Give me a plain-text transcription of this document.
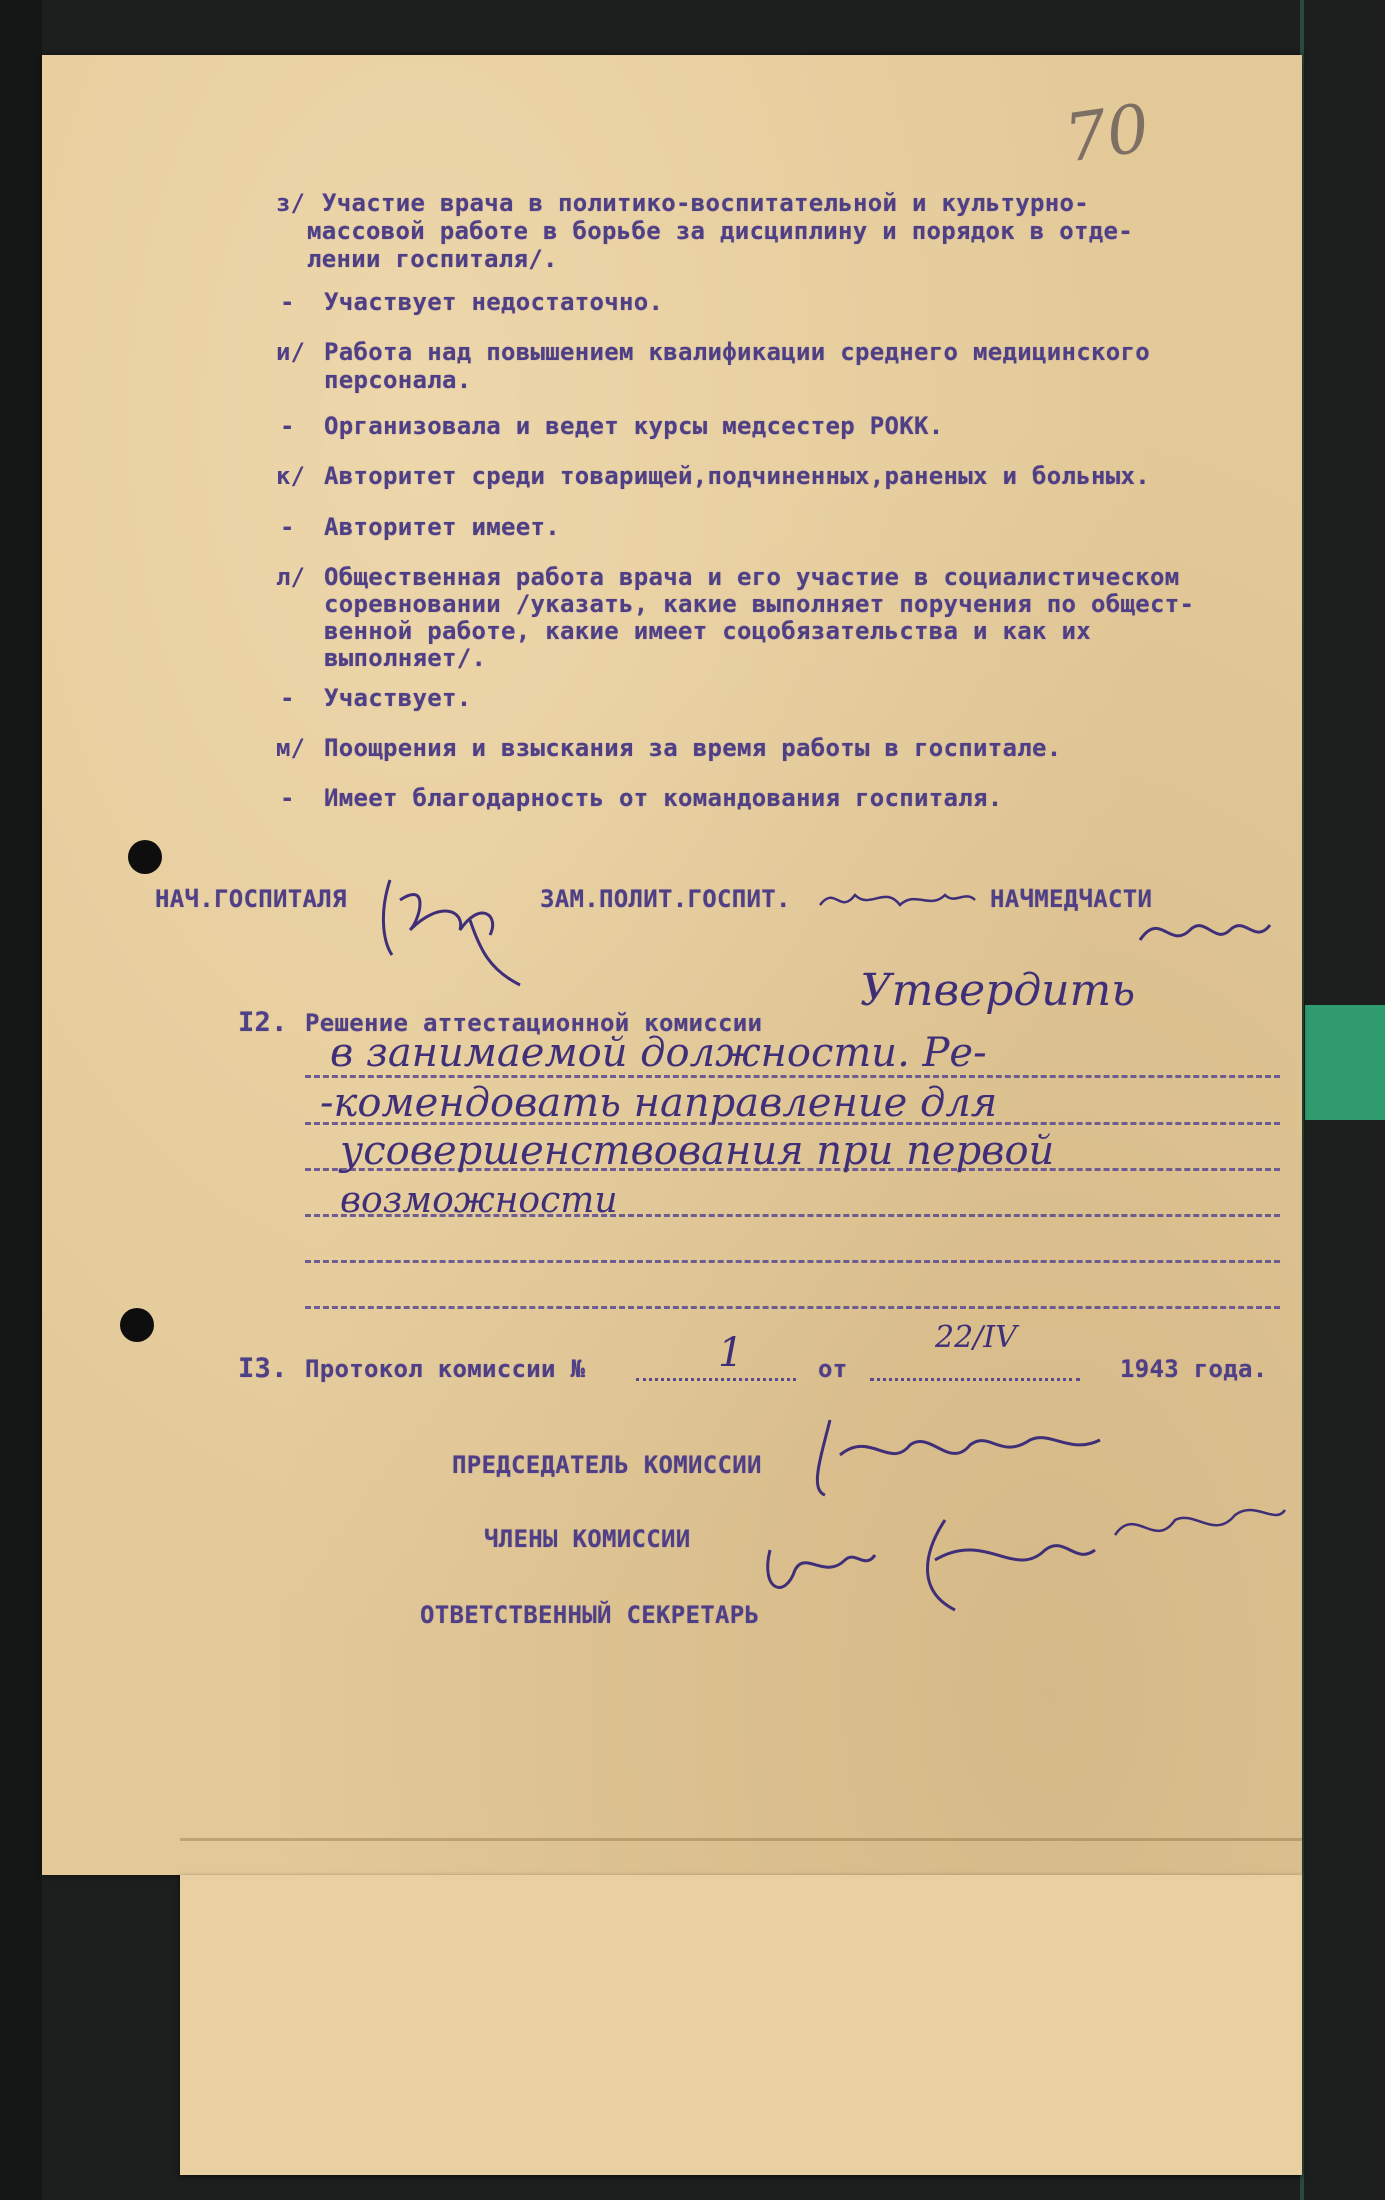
70
з/ Участие врача в политико-воспитательной и культурно-
массовой работе в борьбе за дисциплину и порядок в отде-
лении госпиталя/.
- Участвует недостаточно.
и/ Работа над повышением квалификации среднего медицинского
персонала.
- Организовала и ведет курсы медсестер РОКК.
к/ Авторитет среди товарищей,подчиненных,раненых и больных.
- Авторитет имеет.
л/ Общественная работа врача и его участие в социалистическом
соревновании /указать, какие выполняет поручения по общест-
венной работе, какие имеет соцобязательства и как их
выполняет/.
- Участвует.
м/ Поощрения и взыскания за время работы в госпитале.
- Имеет благодарность от командования госпиталя.
НАЧ.ГОСПИТАЛЯ	ЗАМ.ПОЛИТ.ГОСПИТ.	НАЧМЕДЧАСТИ
I2. Решение аттестационной комиссии
Утвердить
в занимаемой должности. Ре-
-комендовать направление для
усовершенствования при первой
возможности
I3. Протокол комиссии №	1	от
22/IV
1943 года.
ПРЕДСЕДАТЕЛЬ КОМИССИИ
ЧЛЕНЫ КОМИССИИ
ОТВЕТСТВЕННЫЙ СЕКРЕТАРЬ
